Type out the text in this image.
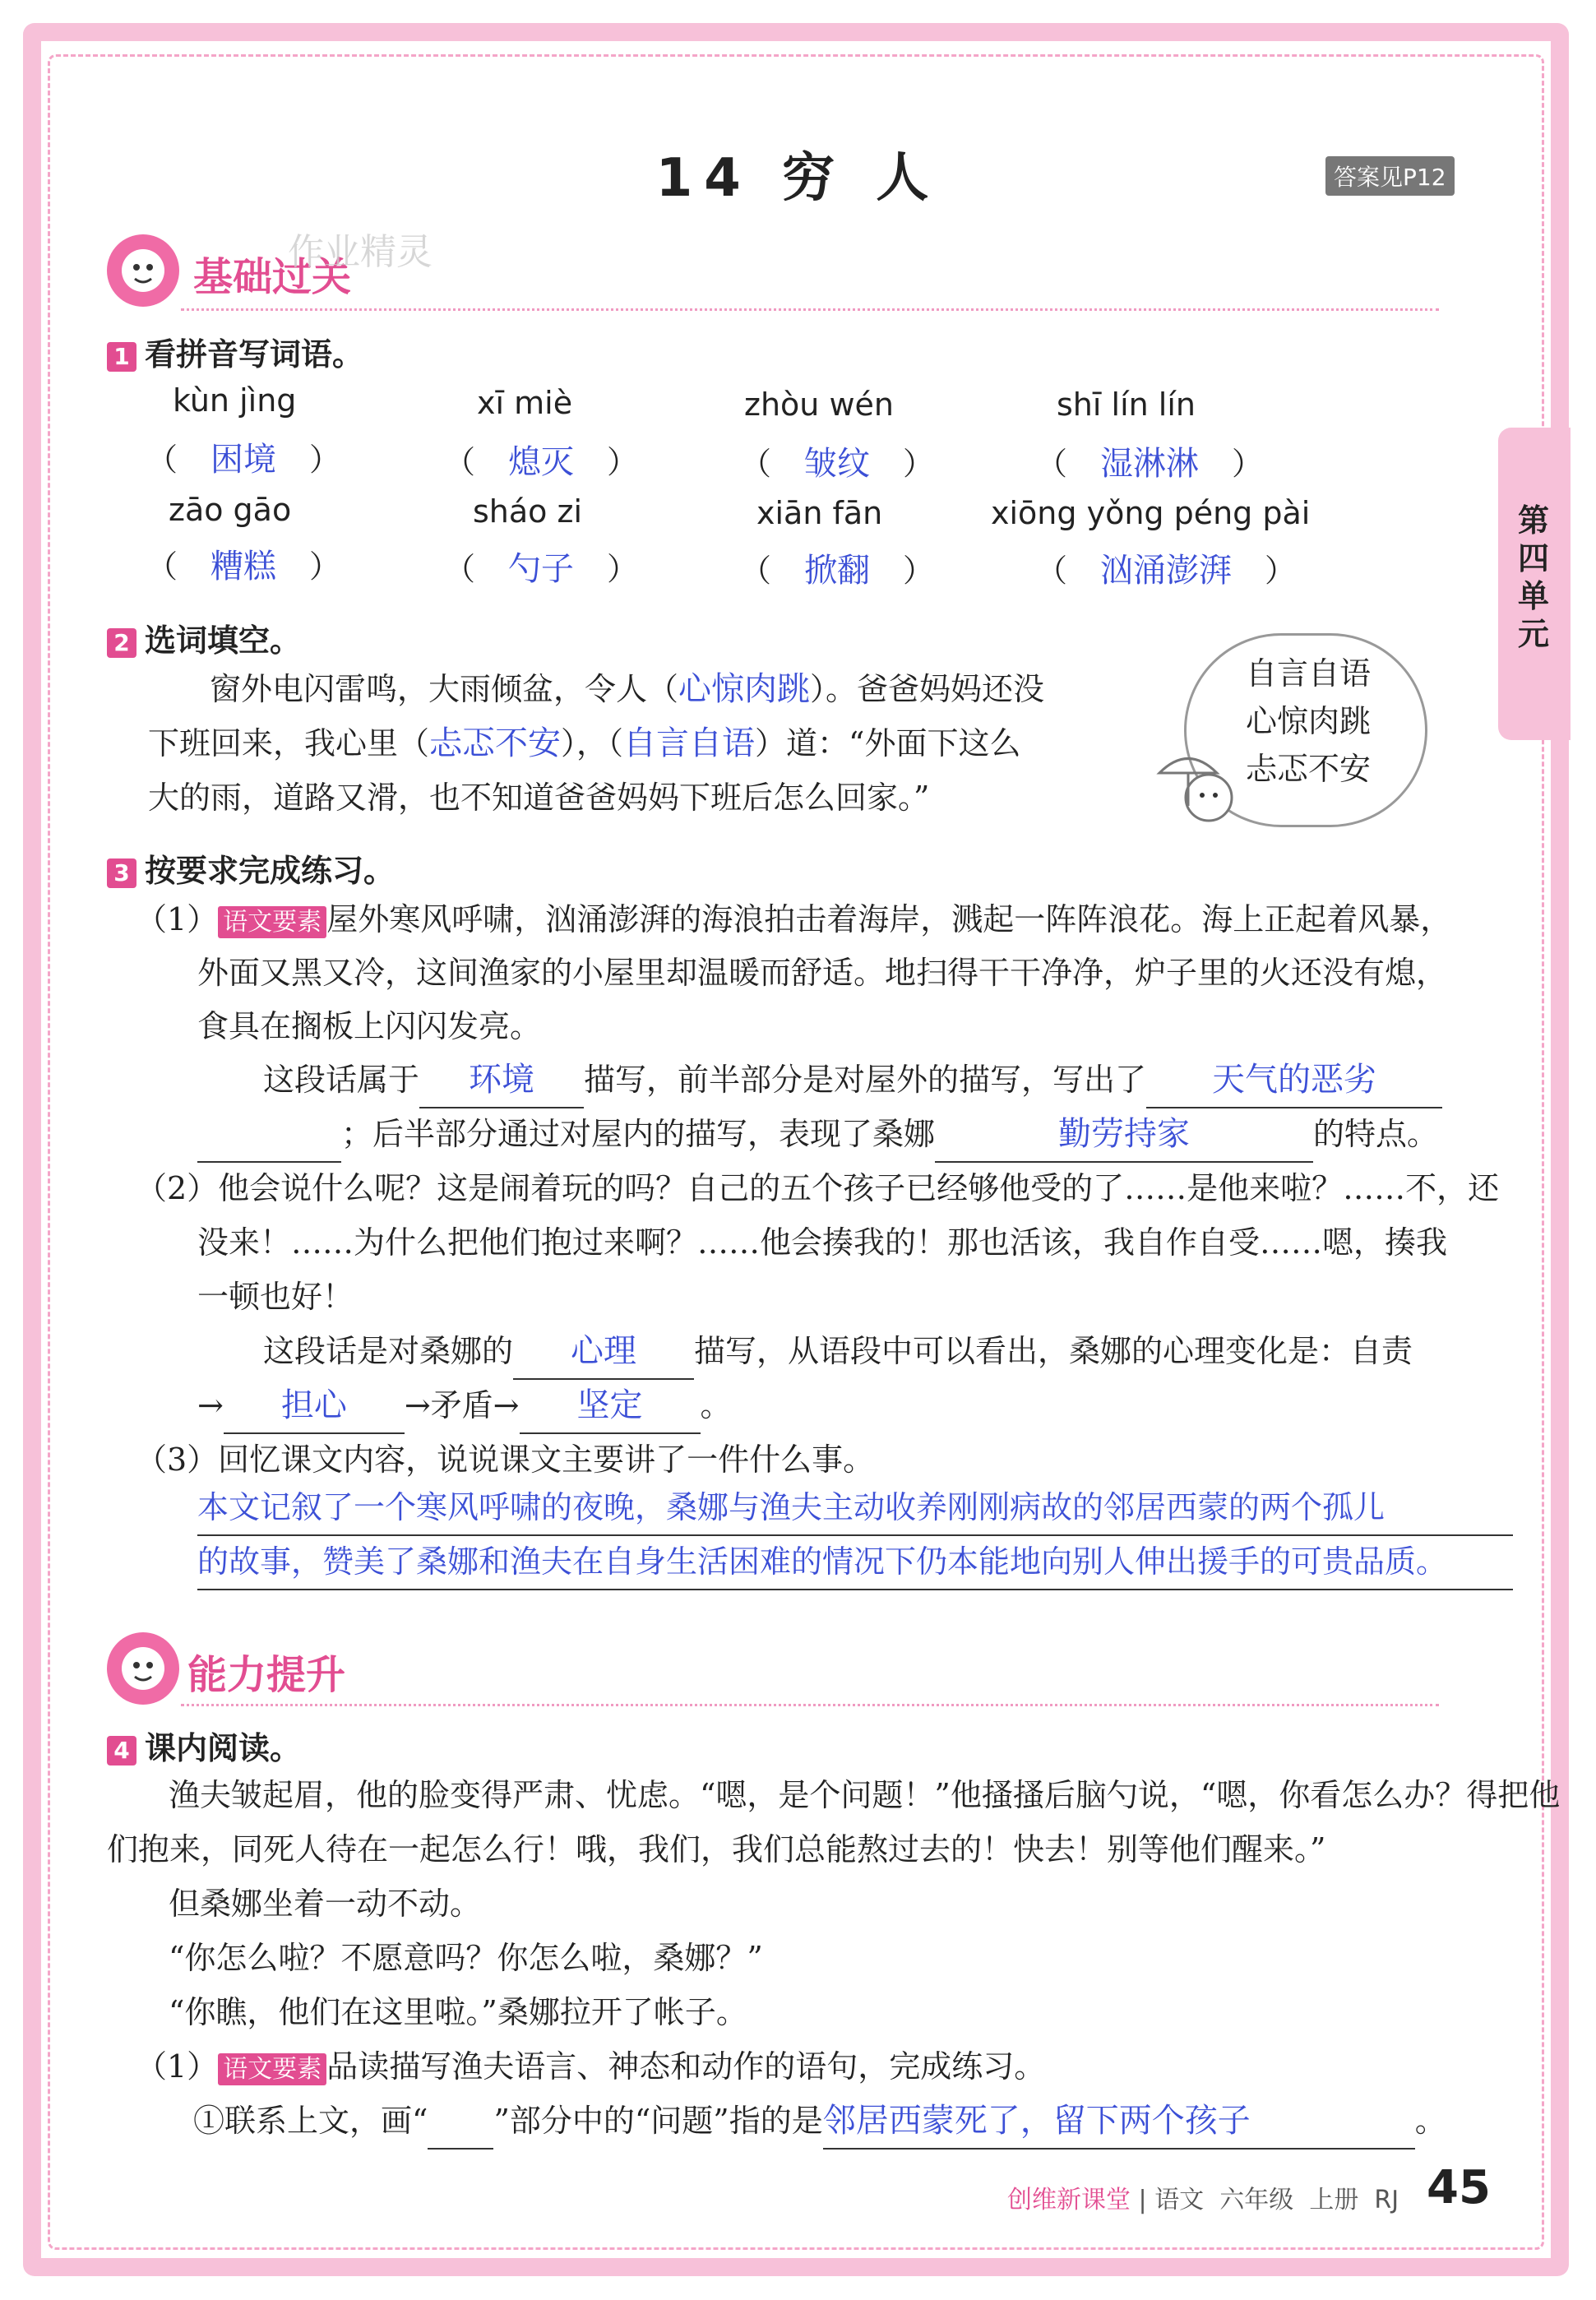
14 穷 人	答案见P12
第四单元
基础过关
作业精灵
1 看拼音写词语。
kùn jìng	xī miè	zhòu wén	shī lín lín
（ 困境 ）	（ 熄灭 ）	（ 皱纹 ）	（ 湿淋淋 ）
zāo gāo	sháo zi	xiān fān	xiōng yǒng péng pài
（ 糟糕 ）	（ 勺子 ）	（ 掀翻 ）	（ 汹涌澎湃 ）
2 选词填空。
窗外电闪雷鸣，大雨倾盆，令人（心惊肉跳）。爸爸妈妈还没
下班回来，我心里（忐忑不安），（自言自语）道：“外面下这么
大的雨，道路又滑，也不知道爸爸妈妈下班后怎么回家。”
自言自语
心惊肉跳
忐忑不安
3 按要求完成练习。
（1） 语文要素 屋外寒风呼啸，汹涌澎湃的海浪拍击着海岸，溅起一阵阵浪花。海上正起着风暴，
外面又黑又冷，这间渔家的小屋里却温暖而舒适。地扫得干干净净，炉子里的火还没有熄，
食具在搁板上闪闪发亮。
这段话属于 环境 描写，前半部分是对屋外的描写，写出了 天气的恶劣
；后半部分通过对屋内的描写，表现了桑娜	勤劳持家	的特点。
（2）他会说什么呢？这是闹着玩的吗？自己的五个孩子已经够他受的了……是他来啦？……不，还
没来！……为什么把他们抱过来啊？……他会揍我的！那也活该，我自作自受……嗯，揍我
一顿也好！
这段话是对桑娜的 心理 描写，从语段中可以看出，桑娜的心理变化是：自责
→ 担心 →矛盾→ 坚定 。
（3）回忆课文内容，说说课文主要讲了一件什么事。
本文记叙了一个寒风呼啸的夜晚，桑娜与渔夫主动收养刚刚病故的邻居西蒙的两个孤儿
的故事，赞美了桑娜和渔夫在自身生活困难的情况下仍本能地向别人伸出援手的可贵品质。
能力提升
4 课内阅读。
渔夫皱起眉，他的脸变得严肃、忧虑。“嗯，是个问题！”他搔搔后脑勺说，“嗯，你看怎么办？得把他
们抱来，同死人待在一起怎么行！哦，我们，我们总能熬过去的！快去！别等他们醒来。”
但桑娜坐着一动不动。
“你怎么啦？不愿意吗？你怎么啦，桑娜？”
“你瞧，他们在这里啦。”桑娜拉开了帐子。
（1） 语文要素 品读描写渔夫语言、神态和动作的语句，完成练习。
①联系上文，画“ ”部分中的“问题”指的是邻居西蒙死了，留下两个孩子	。
创维新课堂 | 语文 六年级 上册 RJ 45
